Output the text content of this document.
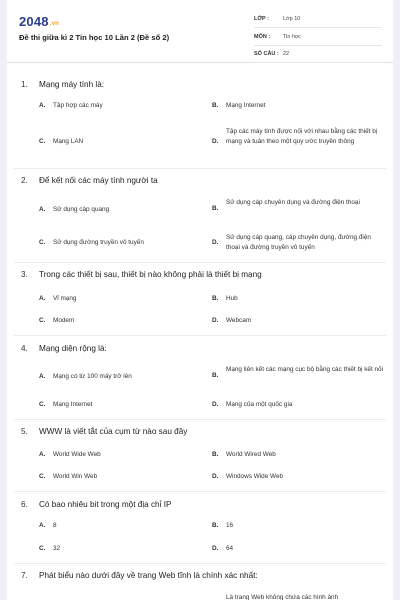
2048.vn
Đề thi giữa kì 2 Tin học 10 Lần 2 (Đề số 2)
LỚP :	Lớp 10
MÔN : Tin học
SỐ CÂU : 22
1. Mạng máy tính là:
A. Tập hợp các máy	B. Mạng Internet
C. Mạng LAN	D.
Tập các máy tính được nối với nhau bằng các thiết bị mạng và tuân theo một quy ước truyền thông
2. Để kết nối các máy tính người ta
A. Sử dụng cáp quang	B.
Sử dụng cáp chuyên dụng và đường điện thoại
C. Sử dụng đường truyền vô tuyến	D.
Sử dụng cáp quang, cáp chuyên dụng, đường điện thoại và đường truyền vô tuyến
3. Trong các thiết bị sau, thiết bị nào không phải là thiết bị mạng
A. Vỉ mạng	B. Hub
C. Modem	D. Webcam
4. Mạng diện rộng là:
A. Mạng có từ 100 máy trở lên	B.
Mạng liên kết các mạng cục bộ bằng các thiết bị kết nối
C. Mạng Internet	D. Mạng của một quốc gia
5. WWW là viết tắt của cụm từ nào sau đây
A. World Wide Web	B. World Wired Web
C. World Win Web	D. Windows Wide Web
6. Có bao nhiêu bit trong một địa chỉ IP
A. 8	B. 16
C. 32	D. 64
7. Phát biểu nào dưới đây về trang Web tĩnh là chính xác nhất:
Là trang Web không chứa các hình ảnh
